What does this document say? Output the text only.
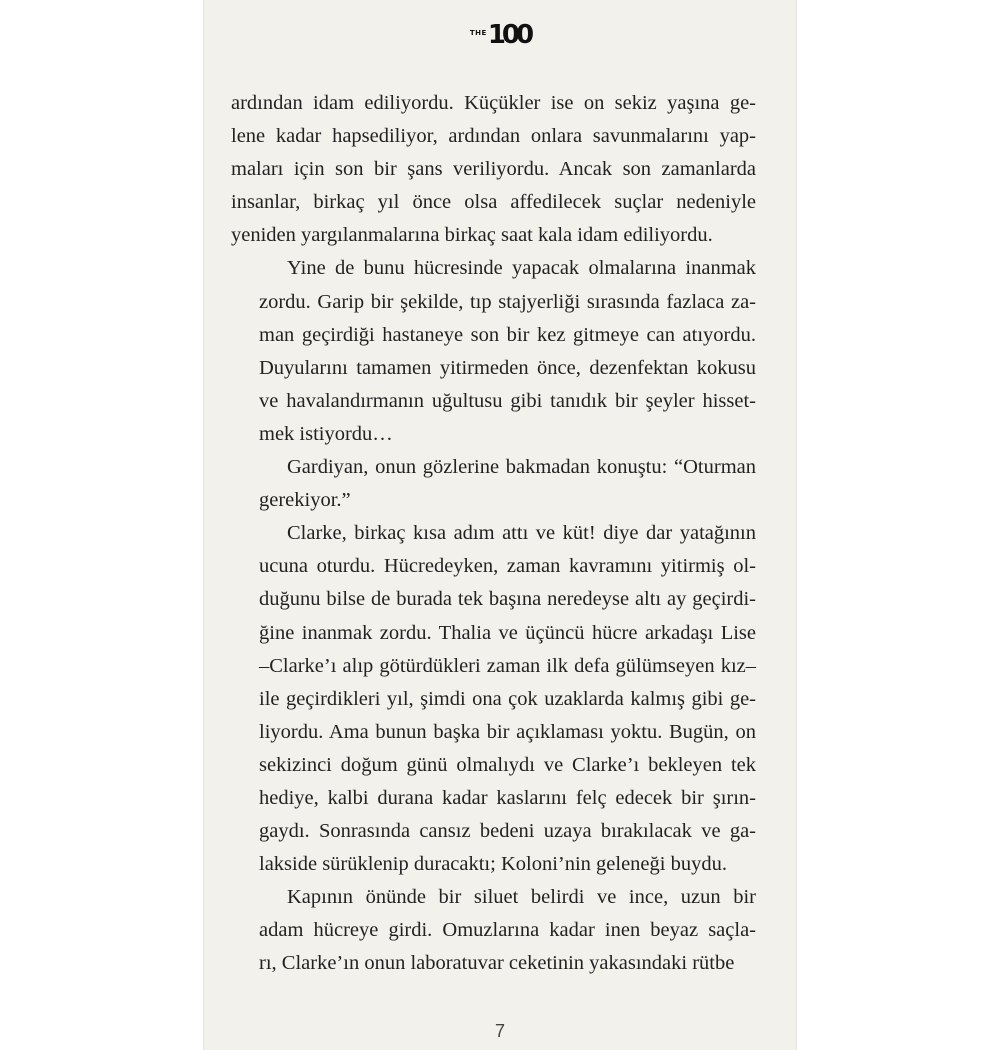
$^{THE}$100
ardından idam ediliyordu. Küçükler ise on sekiz yaşına ge-
lene kadar hapsediliyor, ardından onlara savunmalarını yap-
maları için son bir şans veriliyordu. Ancak son zamanlarda
insanlar, birkaç yıl önce olsa affedilecek suçlar nedeniyle
yeniden yargılanmalarına birkaç saat kala idam ediliyordu.
Yine de bunu hücresinde yapacak olmalarına inanmak
zordu. Garip bir şekilde, tıp stajyerliği sırasında fazlaca za-
man geçirdiği hastaneye son bir kez gitmeye can atıyordu.
Duyularını tamamen yitirmeden önce, dezenfektan kokusu
ve havalandırmanın uğultusu gibi tanıdık bir şeyler hisset-
mek istiyordu…
Gardiyan, onun gözlerine bakmadan konuştu: “Oturman
gerekiyor.”
Clarke, birkaç kısa adım attı ve küt! diye dar yatağının
ucuna oturdu. Hücredeyken, zaman kavramını yitirmiş ol-
duğunu bilse de burada tek başına neredeyse altı ay geçirdi-
ğine inanmak zordu. Thalia ve üçüncü hücre arkadaşı Lise
–Clarke’ı alıp götürdükleri zaman ilk defa gülümseyen kız–
ile geçirdikleri yıl, şimdi ona çok uzaklarda kalmış gibi ge-
liyordu. Ama bunun başka bir açıklaması yoktu. Bugün, on
sekizinci doğum günü olmalıydı ve Clarke’ı bekleyen tek
hediye, kalbi durana kadar kaslarını felç edecek bir şırın-
gaydı. Sonrasında cansız bedeni uzaya bırakılacak ve ga-
lakside sürüklenip duracaktı; Koloni’nin geleneği buydu.
Kapının önünde bir siluet belirdi ve ince, uzun bir
adam hücreye girdi. Omuzlarına kadar inen beyaz saçla-
rı, Clarke’ın onun laboratuvar ceketinin yakasındaki rütbe
7
